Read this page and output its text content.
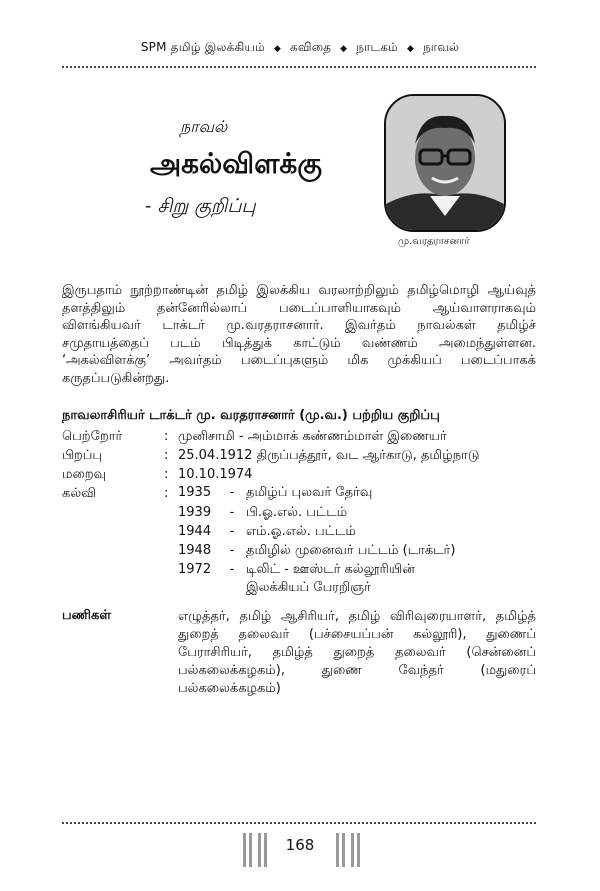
SPM தமிழ் இலக்கியம் ◆ கவிதை ◆ நாடகம் ◆ நாவல்
நாவல்
அகல்விளக்கு
- சிறு குறிப்பு
மு.வரதராசனார்
இருபதாம் நூற்றாண்டின் தமிழ் இலக்கிய வரலாற்றிலும் தமிழ்மொழி ஆய்வுத் தளத்திலும் தன்னேரில்லாப் படைப்பாளியாகவும் ஆய்வாளராகவும் விளங்கியவர் டாக்டர் மு.வரதராசனார். இவர்தம் நாவல்கள் தமிழ்ச் சமுதாயத்தைப் படம் பிடித்துக் காட்டும் வண்ணம் அமைந்துள்ளன. ‘அகல்விளக்கு’ அவர்தம் படைப்புகளும் மிக முக்கியப் படைப்பாகக் கருதப்படுகின்றது.
நாவலாசிரியர் டாக்டர் மு. வரதராசனார் (மு.வ.) பற்றிய குறிப்பு
பெற்றோர்	: முனிசாமி - அம்மாக் கண்ணம்மாள் இணையர்
பிறப்பு	: 25.04.1912 திருப்பத்தூர், வட ஆர்காடு, தமிழ்நாடு
மறைவு	: 10.10.1974
கல்வி	: 1935 - தமிழ்ப் புலவர் தேர்வு
1939 - பி.ஓ.எல். பட்டம்
1944 - எம்.ஓ.எல். பட்டம்
1948 - தமிழில் முனைவர் பட்டம் (டாக்டர்)
1972 - டிலிட் - ஊஸ்டர் கல்லூரியின்
இலக்கியப் பேரறிஞர்
பணிகள்	எழுத்தர், தமிழ் ஆசிரியர், தமிழ் விரிவுரையாளர், தமிழ்த் துறைத் தலைவர் (பச்சையப்பன் கல்லூரி), துணைப் பேராசிரியர், தமிழ்த் துறைத் தலைவர் (சென்னைப் பல்கலைக்கழகம்), துணை வேந்தர் (மதுரைப் பல்கலைக்கழகம்)
168
